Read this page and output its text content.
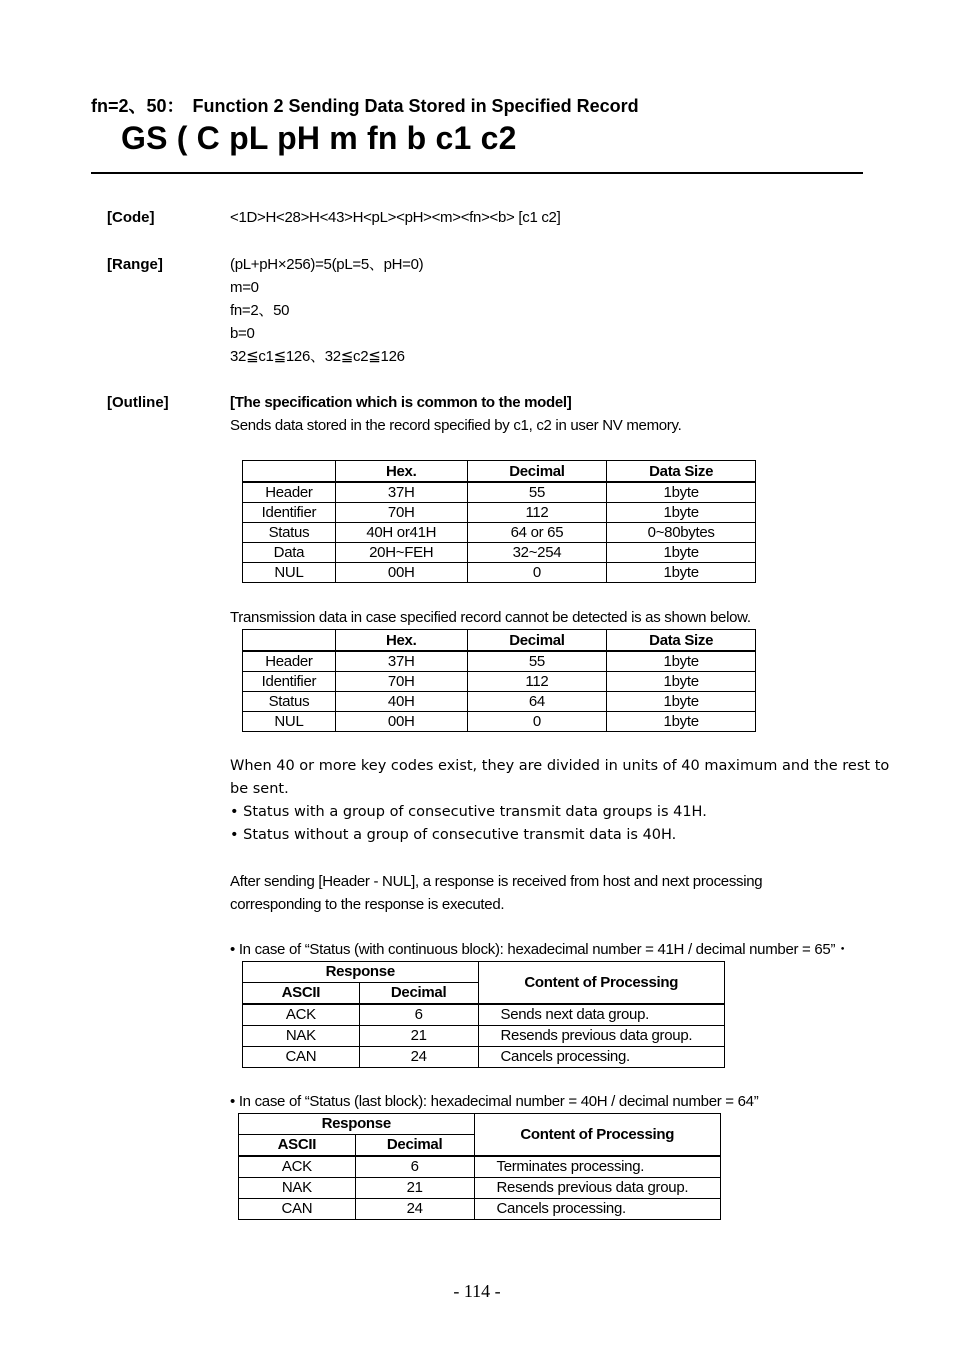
fn=2、50： Function 2 Sending Data Stored in Specified Record
GS ( C pL pH m fn b c1 c2
[Code]	<1D>H<28>H<43>H<pL><pH><m><fn><b> [c1 c2]
[Range]	(pL+pH×256)=5(pL=5、pH=0)
m=0
fn=2、50
b=0
32≦c1≦126、32≦c2≦126
[Outline]	[The specification which is common to the model]
Sends data stored in the record specified by c1, c2 in user NV memory.
	Hex.	Decimal	Data Size
Header	37H	55	1byte
Identifier	70H	112	1byte
Status	40H or41H	64 or 65	0~80bytes
Data	20H~FEH	32~254	1byte
NUL	00H	0	1byte
Transmission data in case specified record cannot be detected is as shown below.
	Hex.	Decimal	Data Size
Header	37H	55	1byte
Identifier	70H	112	1byte
Status	40H	64	1byte
NUL	00H	0	1byte
When 40 or more key codes exist, they are divided in units of 40 maximum and the rest to
be sent.
• Status with a group of consecutive transmit data groups is 41H.
• Status without a group of consecutive transmit data is 40H.
After sending [Header - NUL], a response is received from host and next processing
corresponding to the response is executed.
• In case of “Status (with continuous block): hexadecimal number = 41H / decimal number = 65”・
Response		Content of Processing
ASCII	Decimal	
ACK	6	Sends next data group.
NAK	21	Resends previous data group.
CAN	24	Cancels processing.
• In case of “Status (last block): hexadecimal number = 40H / decimal number = 64”
Response		Content of Processing
ASCII	Decimal	
ACK	6	Terminates processing.
NAK	21	Resends previous data group.
CAN	24	Cancels processing.
- 114 -
